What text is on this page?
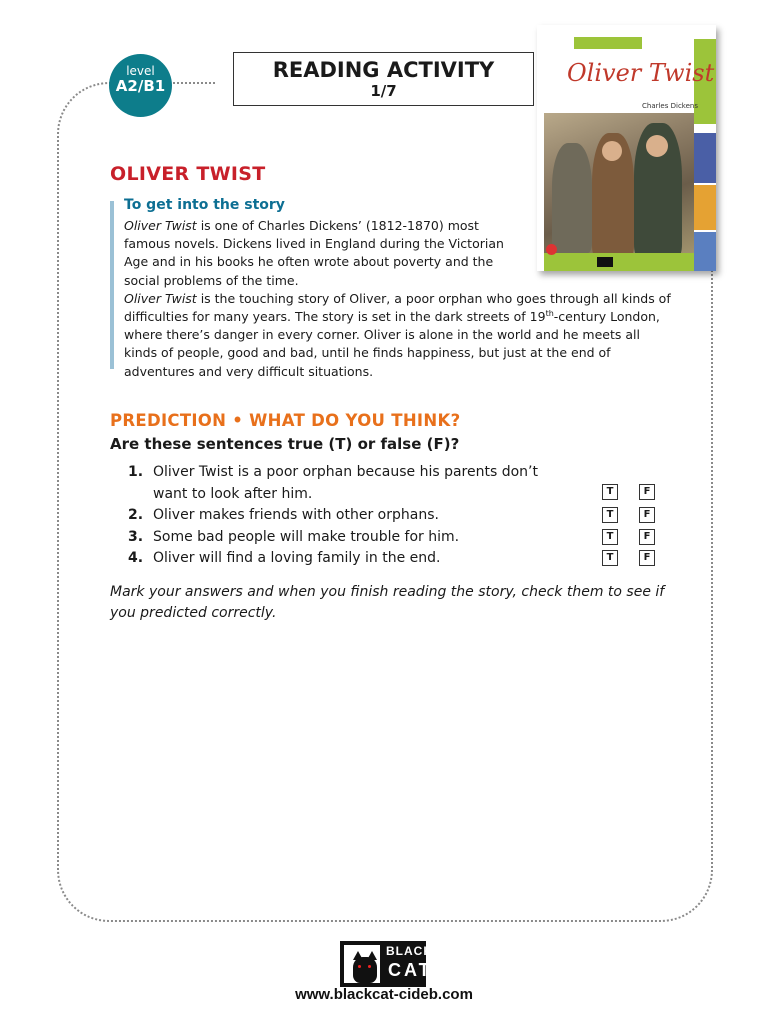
level
A2/B1
READING ACTIVITY
1/7
Oliver Twist
Charles Dickens
OLIVER TWIST
To get into the story
Oliver Twist is one of Charles Dickens’ (1812-1870) most famous novels. Dickens lived in England during the Victorian Age and in his books he often wrote about poverty and the social problems of the time.
Oliver Twist is the touching story of Oliver, a poor orphan who goes through all kinds of difficulties for many years. The story is set in the dark streets of 19th-century London, where there’s danger in every corner. Oliver is alone in the world and he meets all kinds of people, good and bad, until he finds happiness, but just at the end of adventures and very difficult situations.
PREDICTION • WHAT DO YOU THINK?
Are these sentences true (T) or false (F)?
1. Oliver Twist is a poor orphan because his parents don’t want to look after him.	T	F
2. Oliver makes friends with other orphans.	T	F
3. Some bad people will make trouble for him.	T	F
4. Oliver will find a loving family in the end.	T	F
Mark your answers and when you finish reading the story, check them to see if you predicted correctly.
BLACK
CAT
www.blackcat-cideb.com
